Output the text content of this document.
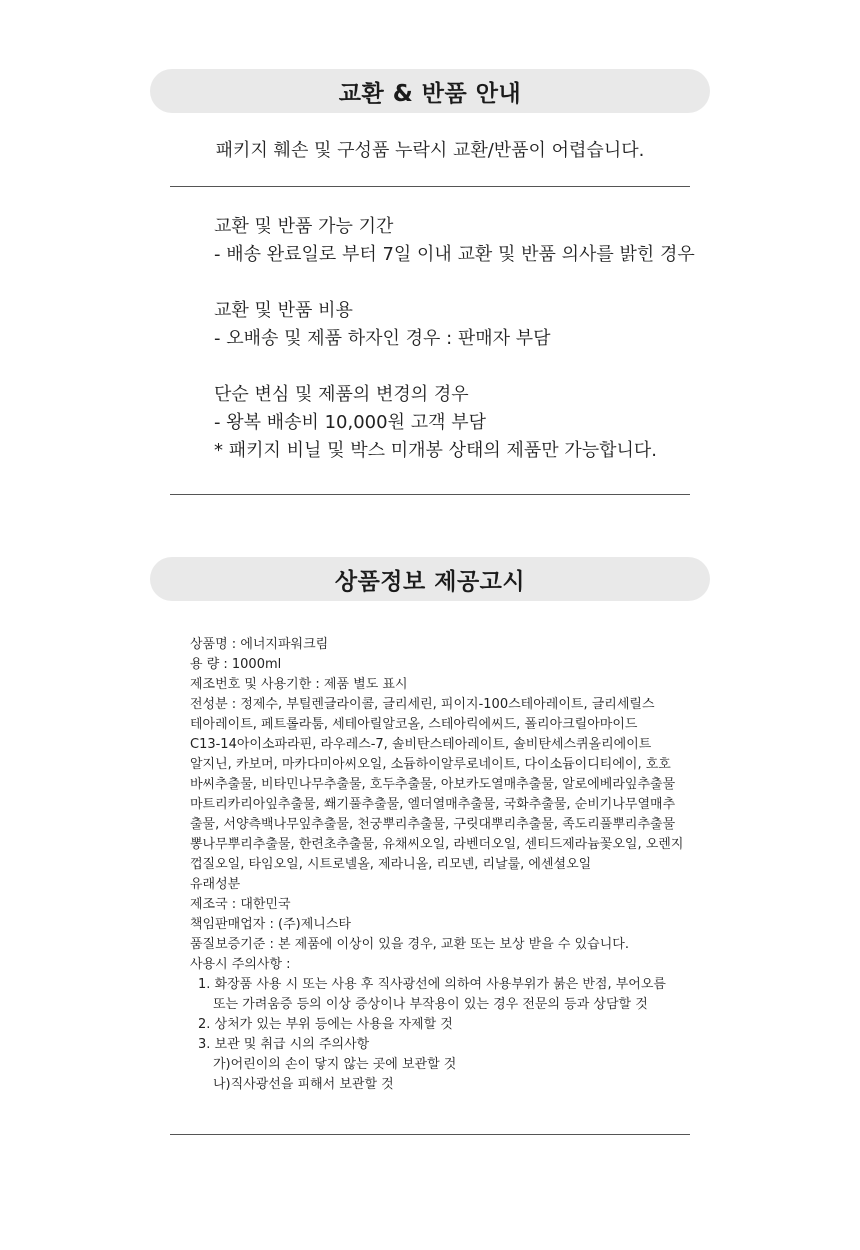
교환 & 반품 안내
패키지 훼손 및 구성품 누락시 교환/반품이 어렵습니다.
교환 및 반품 가능 기간
- 배송 완료일로 부터 7일 이내 교환 및 반품 의사를 밝힌 경우
교환 및 반품 비용
- 오배송 및 제품 하자인 경우 : 판매자 부담
단순 변심 및 제품의 변경의 경우
- 왕복 배송비 10,000원 고객 부담
* 패키지 비닐 및 박스 미개봉 상태의 제품만 가능합니다.
상품정보 제공고시
상품명 : 에너지파워크림
용 량 : 1000ml
제조번호 및 사용기한 : 제품 별도 표시
전성분 : 정제수, 부틸렌글라이콜, 글리세린, 피이지-100스테아레이트, 글리세릴스
테아레이트, 페트롤라툼, 세테아릴알코올, 스테아릭에씨드, 폴리아크릴아마이드
C13-14아이소파라핀, 라우레스-7, 솔비탄스테아레이트, 솔비탄세스퀴올리에이트
알지닌, 카보머, 마카다미아씨오일, 소듐하이알루로네이트, 다이소듐이디티에이, 호호
바씨추출물, 비타민나무추출물, 호두추출물, 아보카도열매추출물, 알로에베라잎추출물
마트리카리아잎추출물, 쐐기풀추출물, 엘더열매추출물, 국화추출물, 순비기나무열매추
출물, 서양측백나무잎추출물, 천궁뿌리추출물, 구릿대뿌리추출물, 족도리풀뿌리추출물
뽕나무뿌리추출물, 한련초추출물, 유채씨오일, 라벤더오일, 센티드제라늄꽃오일, 오렌지
껍질오일, 타임오일, 시트로넬올, 제라니올, 리모넨, 리날룰, 에센셜오일
유래성분
제조국 : 대한민국
책임판매업자 : (주)제니스타
품질보증기준 : 본 제품에 이상이 있을 경우, 교환 또는 보상 받을 수 있습니다.
사용시 주의사항 :
1. 화장품 사용 시 또는 사용 후 직사광선에 의하여 사용부위가 붉은 반점, 부어오름
또는 가려움증 등의 이상 증상이나 부작용이 있는 경우 전문의 등과 상담할 것
2. 상처가 있는 부위 등에는 사용을 자제할 것
3. 보관 및 취급 시의 주의사항
가)어린이의 손이 닿지 않는 곳에 보관할 것
나)직사광선을 피해서 보관할 것
